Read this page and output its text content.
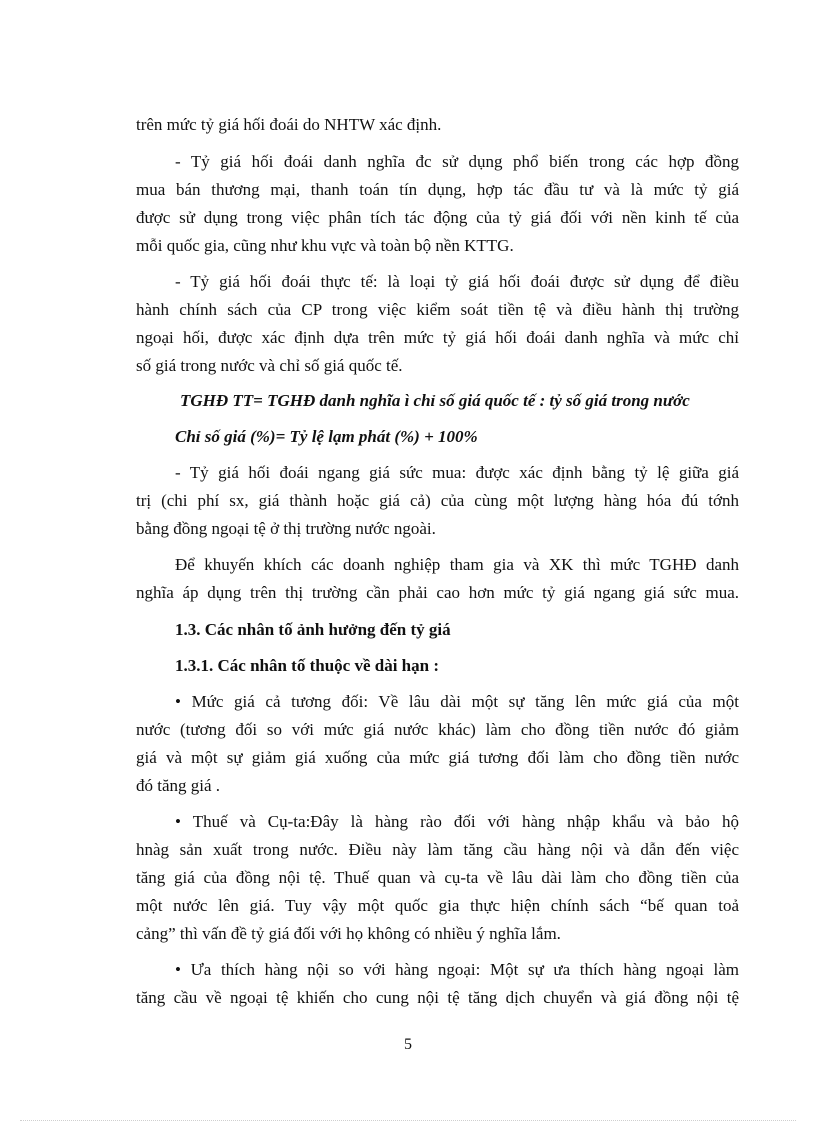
trên mức tỷ giá hối đoái do NHTW xác định.
- Tỷ giá hối đoái danh nghĩa đc sử dụng phổ biến trong các hợp đồng
mua bán thương mại, thanh toán tín dụng, hợp tác đầu tư và là mức tỷ giá
được sử dụng trong việc phân tích tác động của tỷ giá đối với nền kinh tế của
mỗi quốc gia, cũng như khu vực và toàn bộ nền KTTG.
- Tỷ giá hối đoái thực tế: là loại tỷ giá hối đoái được sử dụng để điều
hành chính sách của CP trong việc kiểm soát tiền tệ và điều hành thị trường
ngoại hối, được xác định dựa trên mức tỷ giá hối đoái danh nghĩa và mức chỉ
số giá trong nước và chỉ số giá quốc tế.
TGHĐ TT= TGHĐ danh nghĩa ì chỉ số giá quốc tế : tỷ số giá trong nước
Chỉ số giá (%)= Tỷ lệ lạm phát (%) + 100%
- Tỷ giá hối đoái ngang giá sức mua: được xác định bằng tỷ lệ giữa giá
trị (chi phí sx, giá thành hoặc giá cả) của cùng một lượng hàng hóa đú tớnh
bằng đồng ngoại tệ ở thị trường nước ngoài.
Để khuyến khích các doanh nghiệp tham gia và XK thì mức TGHĐ danh
nghĩa áp dụng trên thị trường cần phải cao hơn mức tỷ giá ngang giá sức mua.
1.3. Các nhân tố ảnh hưởng đến tỷ giá
1.3.1. Các nhân tố thuộc về dài hạn :
• Mức giá cả tương đối: Về lâu dài một sự tăng lên mức giá của một
nước (tương đối so với mức giá nước khác) làm cho đồng tiền nước đó giảm
giá và một sự giảm giá xuống của mức giá tương đối làm cho đồng tiền nước
đó tăng giá .
• Thuế và Cụ-ta:Đây là hàng rào đối với hàng nhập khẩu và bảo hộ
hnàg sản xuất trong nước. Điều này làm tăng cầu hàng nội và dẫn đến việc
tăng giá của đồng nội tệ. Thuế quan và cụ-ta về lâu dài làm cho đồng tiền của
một nước lên giá. Tuy vậy một quốc gia thực hiện chính sách “bế quan toả
cảng” thì vấn đề tỷ giá đối với họ không có nhiều ý nghĩa lắm.
• Ưa thích hàng nội so với hàng ngoại: Một sự ưa thích hàng ngoại làm
tăng cầu về ngoại tệ khiến cho cung nội tệ tăng dịch chuyển và giá đồng nội tệ
5
